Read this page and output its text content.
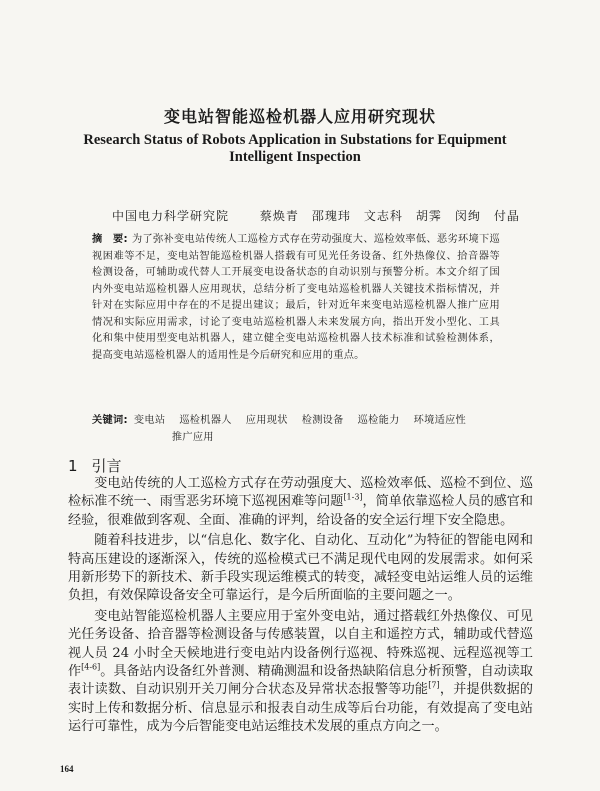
变电站智能巡检机器人应用研究现状
Research Status of Robots Application in Substations for Equipment
Intelligent Inspection
中国电力科学研究院	蔡焕青　邵瑰玮　文志科　胡霁　闵绚　付晶
摘　要: 为了弥补变电站传统人工巡检方式存在劳动强度大、巡检效率低、恶劣环境下巡视困难等不足，变电站智能巡检机器人搭载有可见光任务设备、红外热像仪、拾音器等检测设备，可辅助或代替人工开展变电设备状态的自动识别与预警分析。本文介绍了国内外变电站巡检机器人应用现状，总结分析了变电站巡检机器人关键技术指标情况，并针对在实际应用中存在的不足提出建议；最后，针对近年来变电站巡检机器人推广应用情况和实际应用需求，讨论了变电站巡检机器人未来发展方向，指出开发小型化、工具化和集中使用型变电站机器人，建立健全变电站巡检机器人技术标准和试验检测体系，提高变电站巡检机器人的适用性是今后研究和应用的重点。
关键词: 变电站 巡检机器人 应用现状 检测设备 巡检能力 环境适应性
推广应用
1 引言

变电站传统的人工巡检方式存在劳动强度大、巡检效率低、巡检不到位、巡检标准不统一、雨雪恶劣环境下巡视困难等问题[1-3]，简单依靠巡检人员的感官和经验，很难做到客观、全面、准确的评判，给设备的安全运行埋下安全隐患。

随着科技进步，以“信息化、数字化、自动化、互动化”为特征的智能电网和特高压建设的逐渐深入，传统的巡检模式已不满足现代电网的发展需求。如何采用新形势下的新技术、新手段实现运维模式的转变，减轻变电站运维人员的运维负担，有效保障设备安全可靠运行，是今后所面临的主要问题之一。

变电站智能巡检机器人主要应用于室外变电站，通过搭载红外热像仪、可见光任务设备、拾音器等检测设备与传感装置，以自主和遥控方式，辅助或代替巡视人员 24 小时全天候地进行变电站内设备例行巡视、特殊巡视、远程巡视等工作[4-6]。具备站内设备红外普测、精确测温和设备热缺陷信息分析预警，自动读取表计读数、自动识别开关刀闸分合状态及异常状态报警等功能[7]，并提供数据的实时上传和数据分析、信息显示和报表自动生成等后台功能，有效提高了变电站运行可靠性，成为今后智能变电站运维技术发展的重点方向之一。

164
